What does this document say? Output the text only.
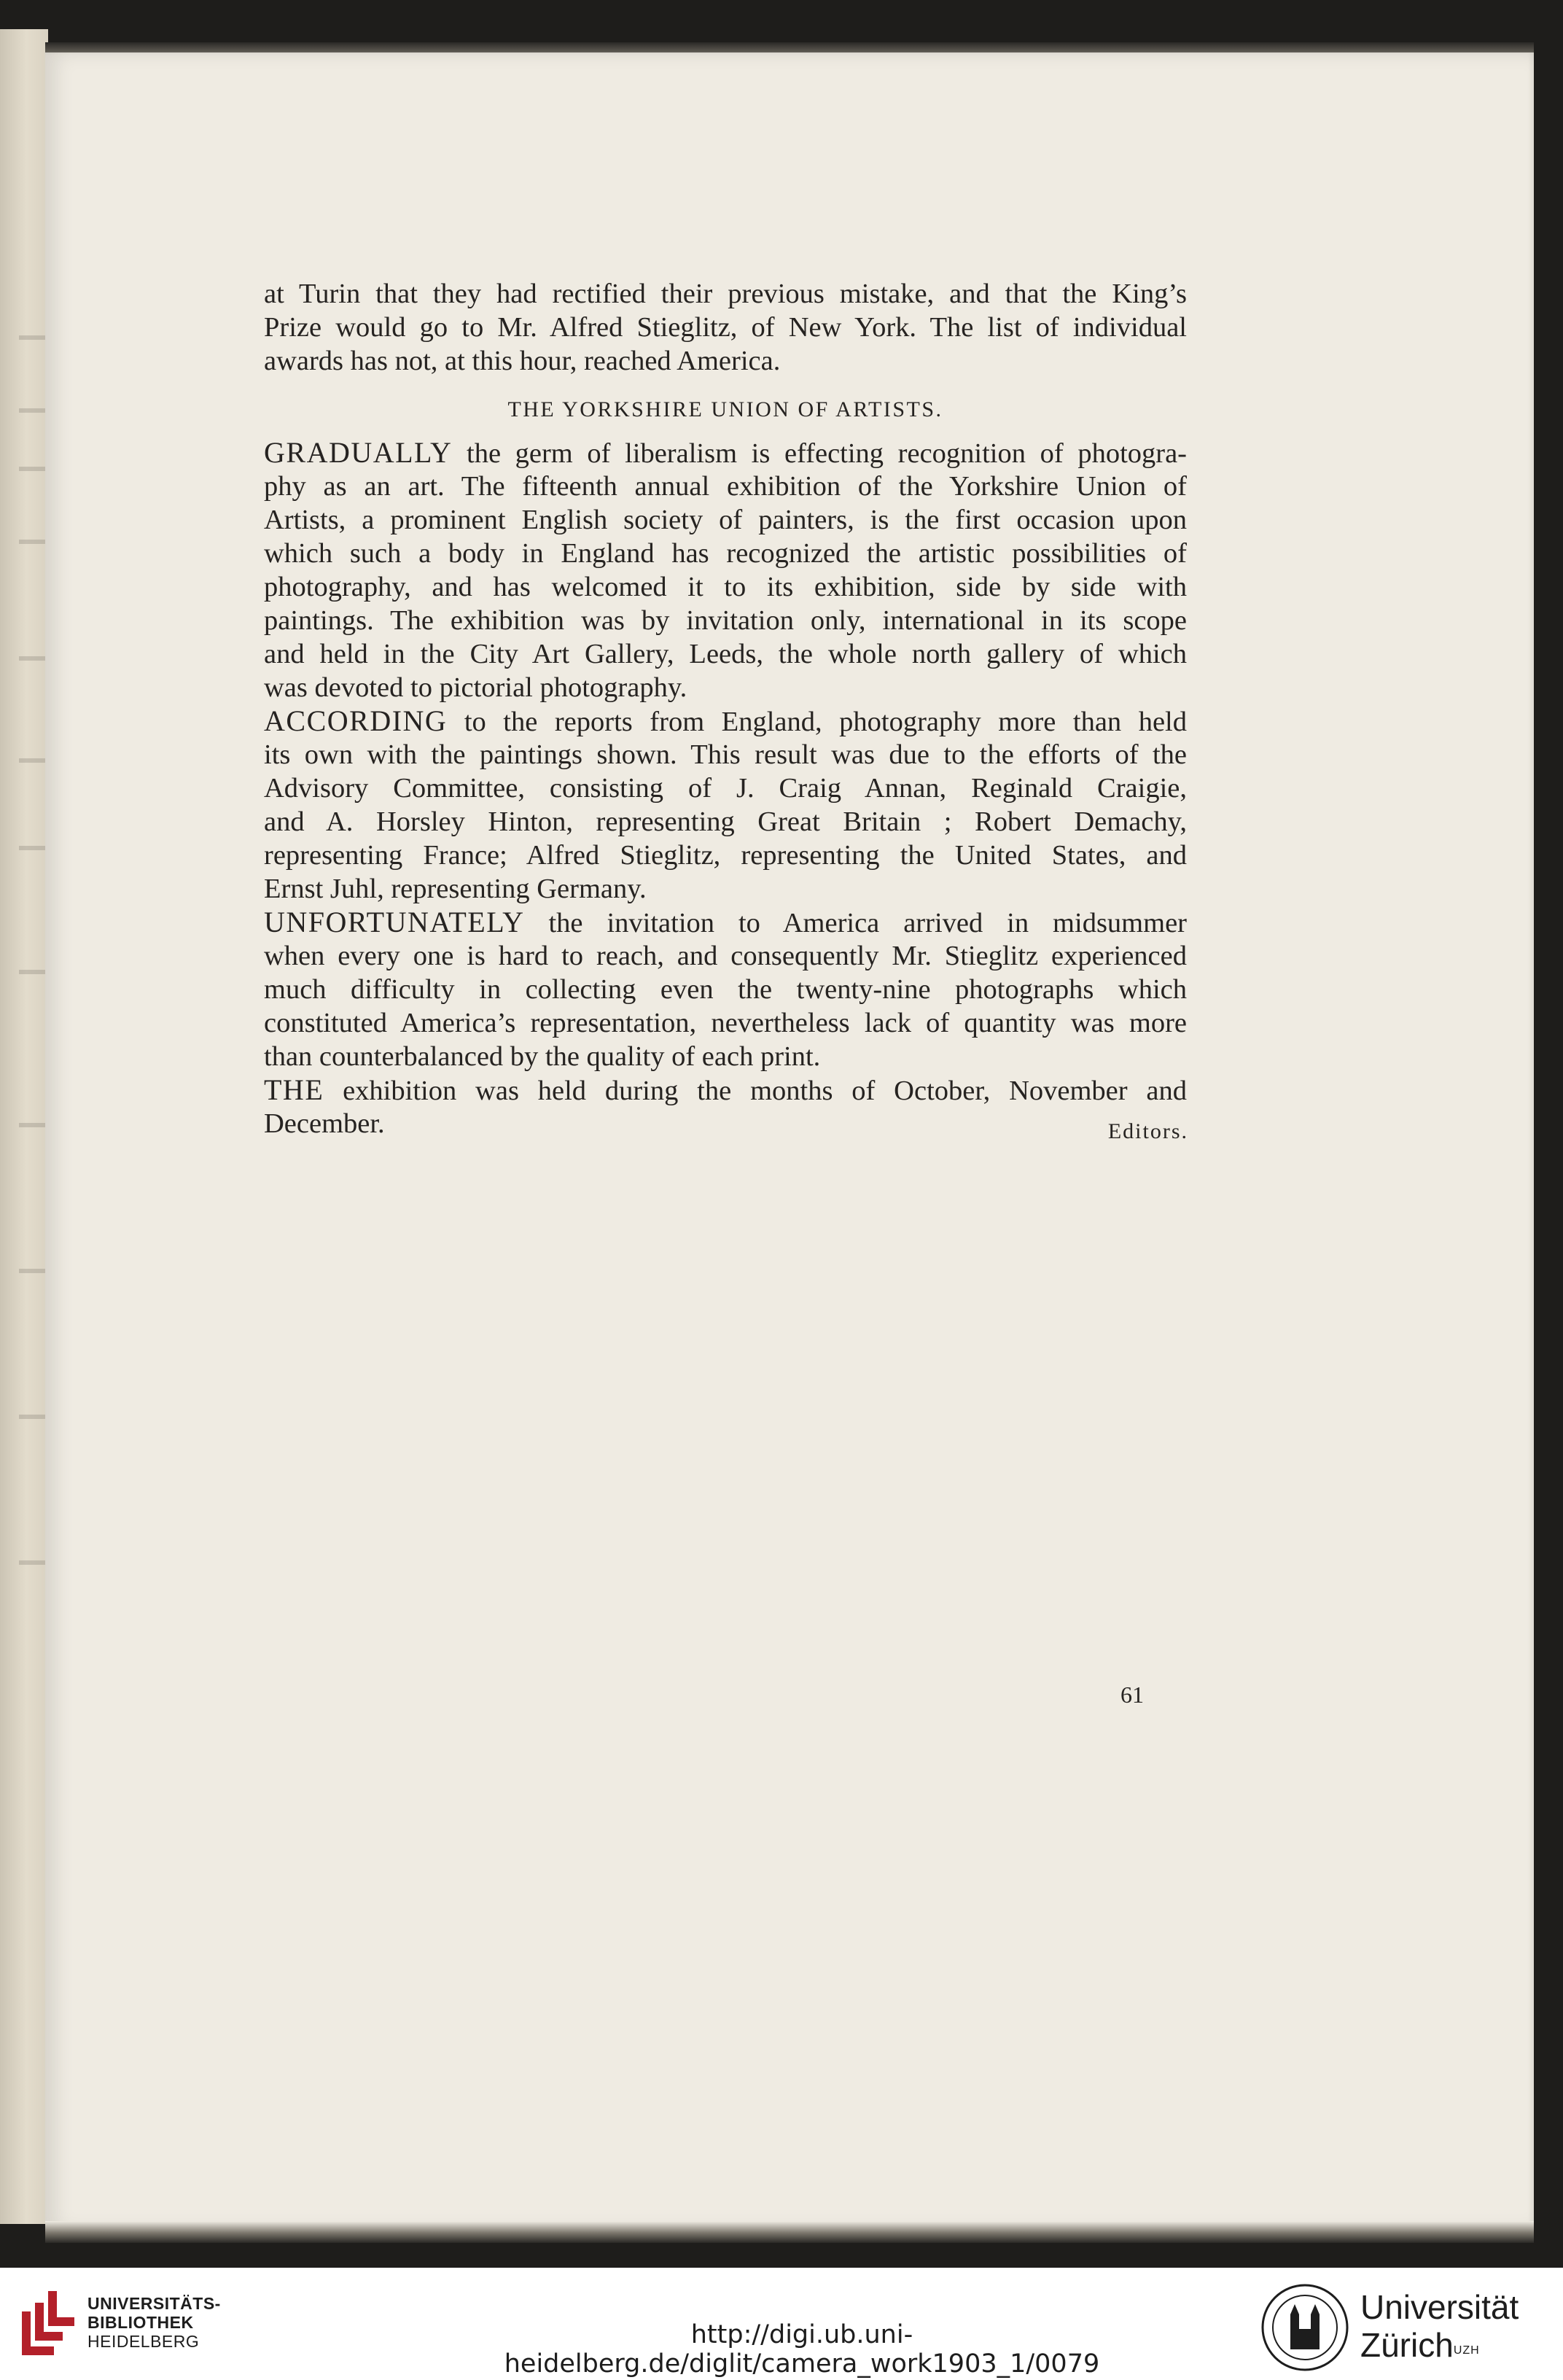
at Turin that they had rectified their previous mistake, and that the King’s
Prize would go to Mr. Alfred Stieglitz, of New York. The list of individual
awards has not, at this hour, reached America.
THE YORKSHIRE UNION OF ARTISTS.
GRADUALLY the germ of liberalism is effecting recognition of photogra-
phy as an art. The fifteenth annual exhibition of the Yorkshire Union of
Artists, a prominent English society of painters, is the first occasion upon
which such a body in England has recognized the artistic possibilities of
photography, and has welcomed it to its exhibition, side by side with
paintings. The exhibition was by invitation only, international in its scope
and held in the City Art Gallery, Leeds, the whole north gallery of which
was devoted to pictorial photography.
ACCORDING to the reports from England, photography more than held
its own with the paintings shown. This result was due to the efforts of the
Advisory Committee, consisting of J. Craig Annan, Reginald Craigie,
and A. Horsley Hinton, representing Great Britain ; Robert Demachy,
representing France; Alfred Stieglitz, representing the United States, and
Ernst Juhl, representing Germany.
UNFORTUNATELY the invitation to America arrived in midsummer
when every one is hard to reach, and consequently Mr. Stieglitz experienced
much difficulty in collecting even the twenty-nine photographs which
constituted America’s representation, nevertheless lack of quantity was more
than counterbalanced by the quality of each print.
THE exhibition was held during the months of October, November and
December.	Editors.
61
UNIVERSITÄTS-
BIBLIOTHEK
HEIDELBERG	http://digi.ub.uni-heidelberg.de/diglit/camera_work1903_1/0079
Universität
Zürich$^{UZH}$
